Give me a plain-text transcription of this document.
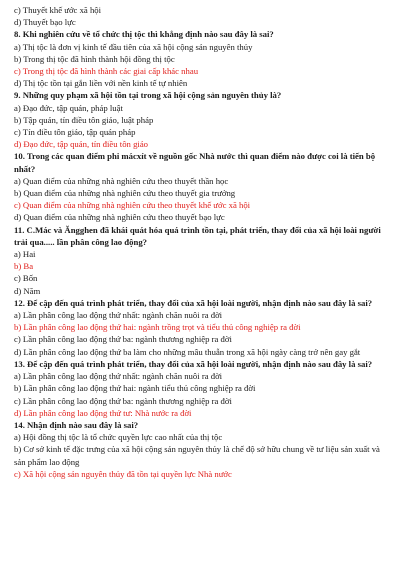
c) Thuyết khế ước xã hội
d) Thuyết bạo lực
8. Khi nghiên cứu về tổ chức thị tộc thì khẳng định nào sau đây là sai?
a) Thị tộc là đơn vị kinh tế đầu tiên của xã hội cộng sản nguyên thủy
b) Trong thị tộc đã hình thành hội đồng thị tộc
c) Trong thị tộc đã hình thành các giai cấp khác nhau
d) Thị tộc tồn tại gắn liền với nền kinh tế tự nhiên
9. Những quy phạm xã hội tồn tại trong xã hội cộng sản nguyên thủy là?
a) Đạo đức, tập quán, pháp luật
b) Tập quán, tín điều tôn giáo, luật pháp
c) Tín điều tôn giáo, tập quán pháp
d) Đạo đức, tập quán, tín điều tôn giáo
10. Trong các quan điểm phi mácxít về nguồn gốc Nhà nước thì quan điểm nào được coi là tiến bộ nhất?
a) Quan điểm của những nhà nghiên cứu theo thuyết thần học
b) Quan điểm của những nhà nghiên cứu theo thuyết gia trưởng
c) Quan điểm của những nhà nghiên cứu theo thuyết khế ước xã hội
d) Quan điểm của những nhà nghiên cứu theo thuyết bạo lực
11. C.Mác và Ăngghen đã khái quát hóa quá trình tồn tại, phát triển, thay đổi của xã hội loài người trải qua..... lần phân công lao động?
a) Hai
b) Ba
c) Bốn
d) Năm
12. Để cập đến quá trình phát triển, thay đổi của xã hội loài người, nhận định nào sau đây là sai?
a) Lần phân công lao động thứ nhất: ngành chăn nuôi ra đời
b) Lần phân công lao động thứ hai: ngành trồng trọt và tiểu thủ công nghiệp ra đời
c) Lần phân công lao động thứ ba: ngành thương nghiệp ra đời
d) Lần phân công lao động thứ ba làm cho những mâu thuẫn trong xã hội ngày càng trở nên gay gắt
13. Để cập đến quá trình phát triển, thay đổi của xã hội loài người, nhận định nào sau đây là sai?
a) Lần phân công lao động thứ nhất: ngành chăn nuôi ra đời
b) Lần phân công lao động thứ hai: ngành tiểu thủ công nghiệp ra đời
c) Lần phân công lao động thứ ba: ngành thương nghiệp ra đời
d) Lần phân công lao động thứ tư: Nhà nước ra đời
14. Nhận định nào sau đây là sai?
a) Hội đồng thị tộc là tổ chức quyền lực cao nhất của thị tộc
b) Cơ sở kinh tế đặc trưng của xã hội cộng sản nguyên thủy là chế độ sở hữu chung về tư liệu sản xuất và sản phẩm lao động
c) Xã hội cộng sản nguyên thủy đã tồn tại quyền lực Nhà nước
